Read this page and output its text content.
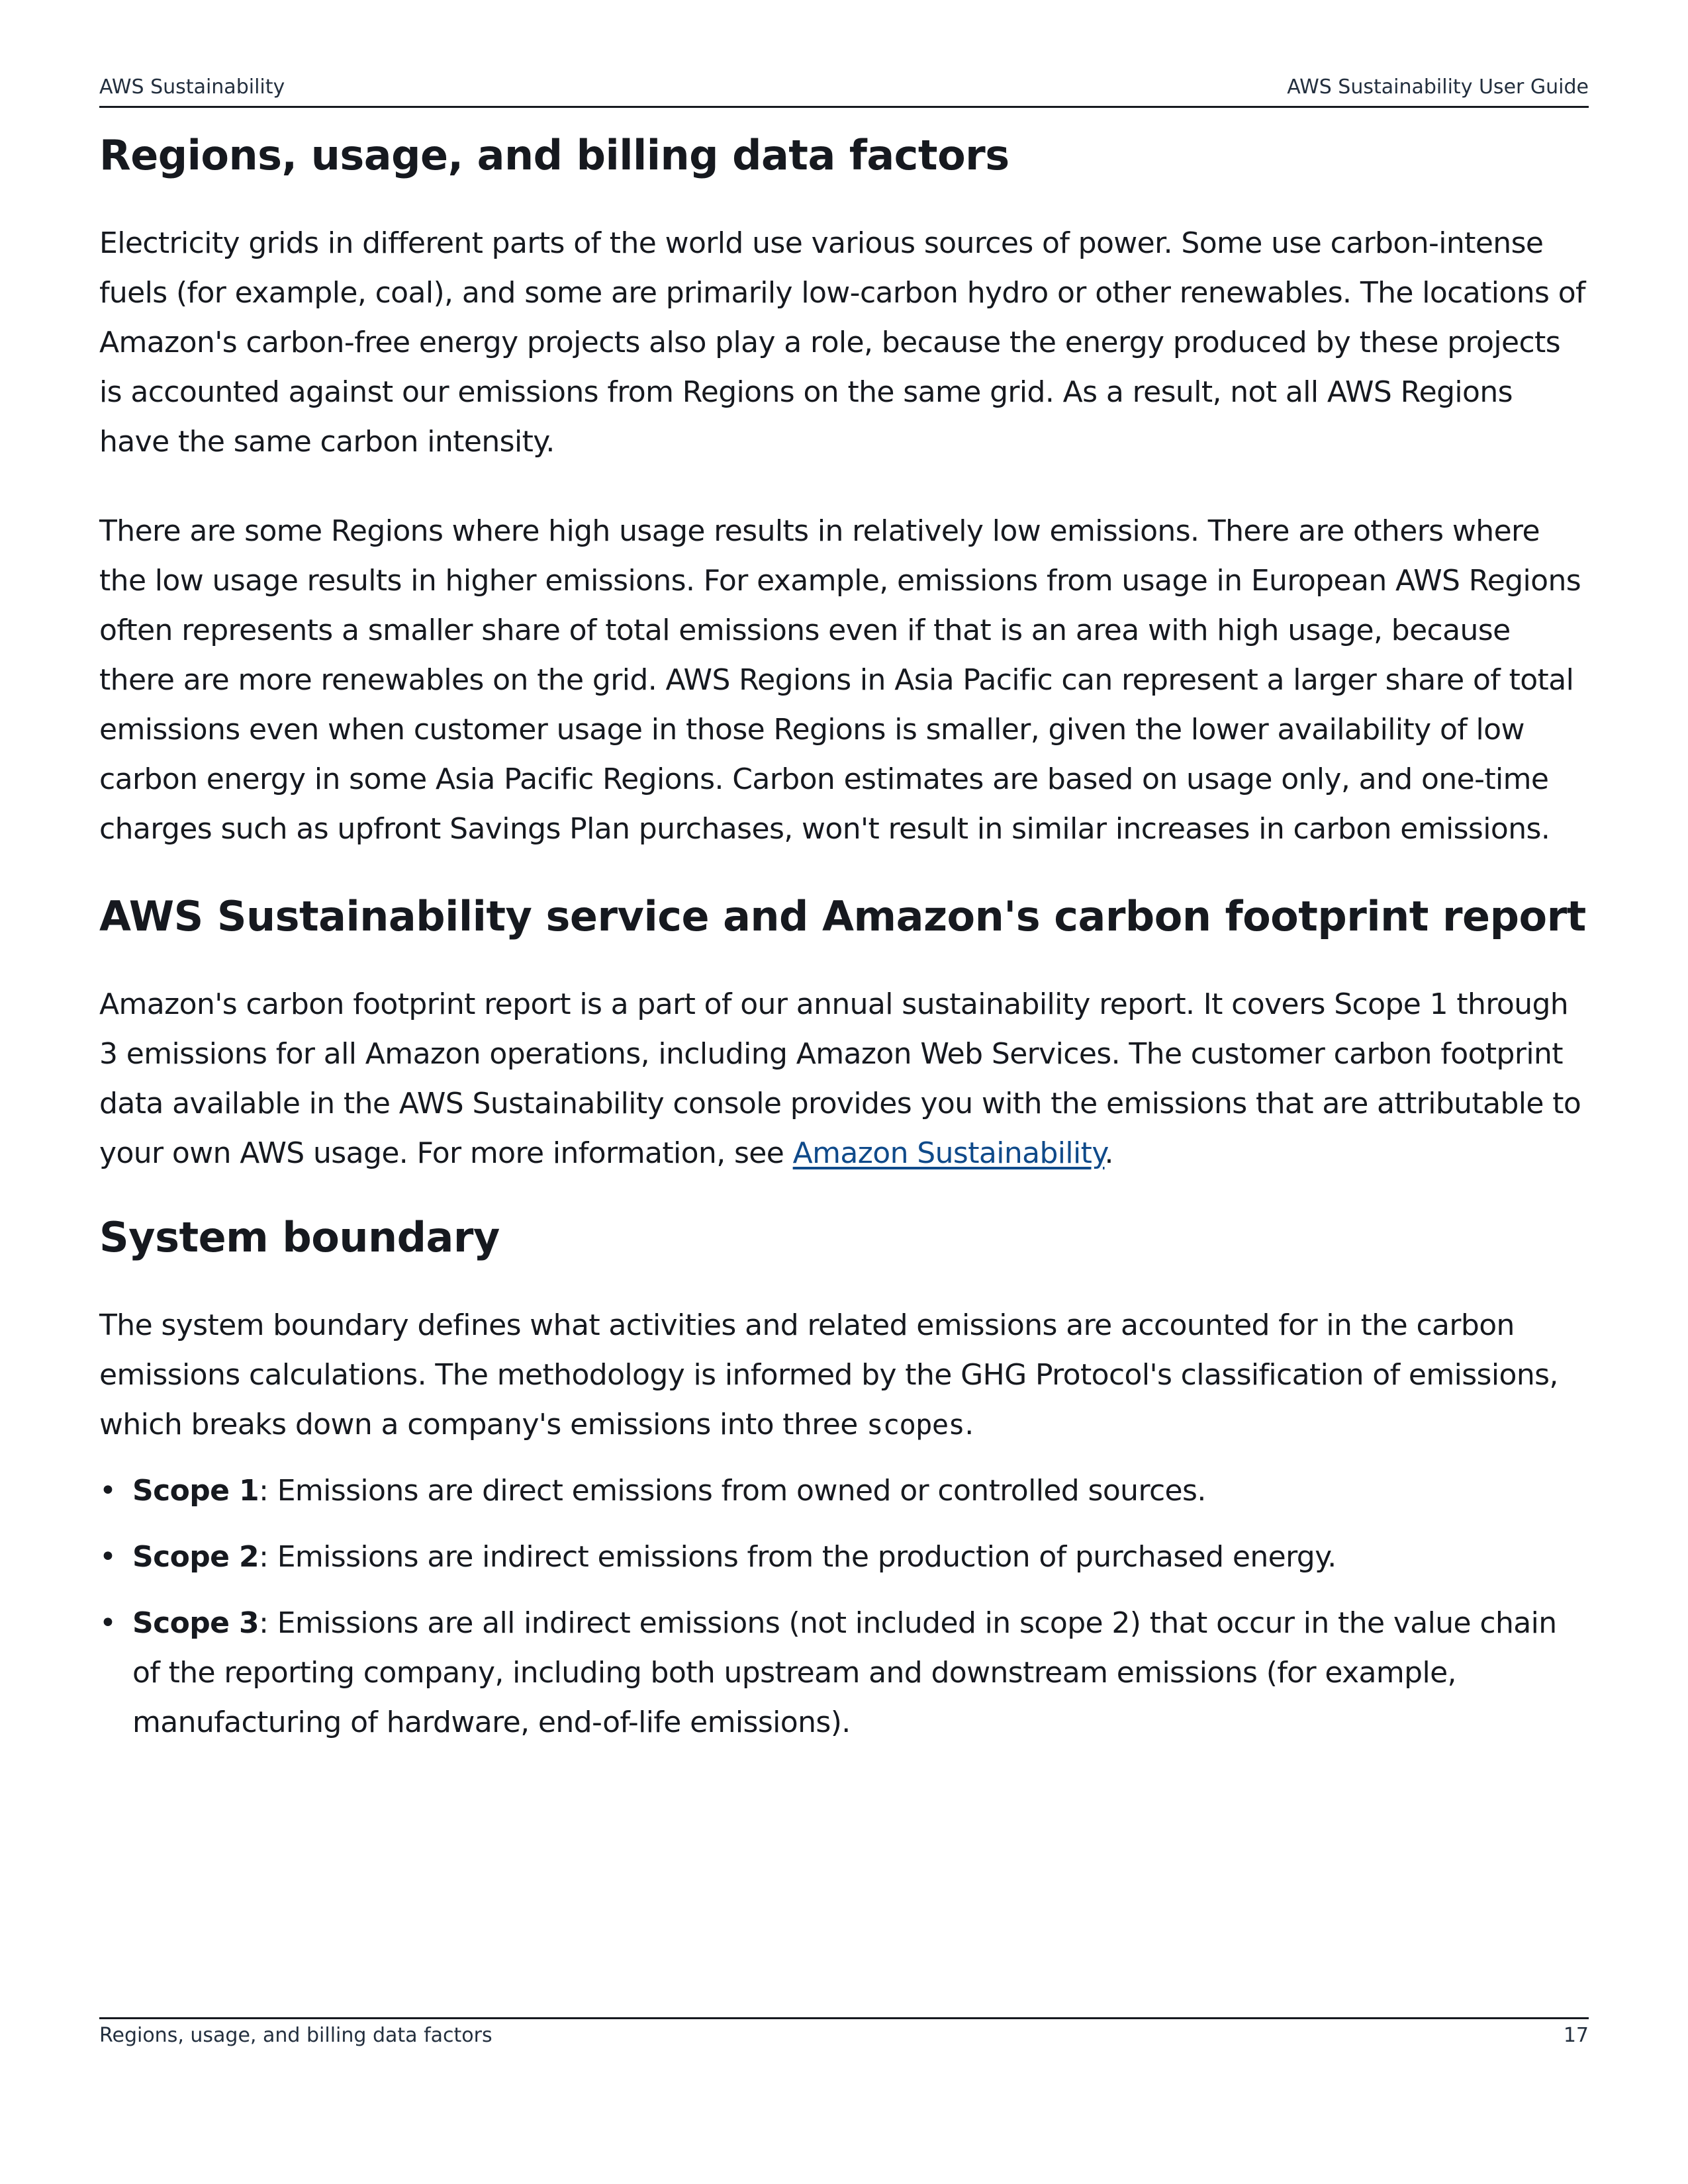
AWS Sustainability	AWS Sustainability User Guide
Regions, usage, and billing data factors

Electricity grids in different parts of the world use various sources of power. Some use carbon-intense fuels (for example, coal), and some are primarily low-carbon hydro or other renewables. The locations of Amazon's carbon-free energy projects also play a role, because the energy produced by these projects is accounted against our emissions from Regions on the same grid. As a result, not all AWS Regions have the same carbon intensity.

There are some Regions where high usage results in relatively low emissions. There are others where the low usage results in higher emissions. For example, emissions from usage in European AWS Regions often represents a smaller share of total emissions even if that is an area with high usage, because there are more renewables on the grid. AWS Regions in Asia Pacific can represent a larger share of total emissions even when customer usage in those Regions is smaller, given the lower availability of low carbon energy in some Asia Pacific Regions. Carbon estimates are based on usage only, and one-time charges such as upfront Savings Plan purchases, won't result in similar increases in carbon emissions.

AWS Sustainability service and Amazon's carbon footprint report

Amazon's carbon footprint report is a part of our annual sustainability report. It covers Scope 1 through 3 emissions for all Amazon operations, including Amazon Web Services. The customer carbon footprint data available in the AWS Sustainability console provides you with the emissions that are attributable to your own AWS usage. For more information, see Amazon Sustainability.

System boundary

The system boundary defines what activities and related emissions are accounted for in the carbon emissions calculations. The methodology is informed by the GHG Protocol's classification of emissions, which breaks down a company's emissions into three scopes.

• Scope 1: Emissions are direct emissions from owned or controlled sources.
• Scope 2: Emissions are indirect emissions from the production of purchased energy.
• Scope 3: Emissions are all indirect emissions (not included in scope 2) that occur in the value chain of the reporting company, including both upstream and downstream emissions (for example, manufacturing of hardware, end-of-life emissions).
Regions, usage, and billing data factors	17
